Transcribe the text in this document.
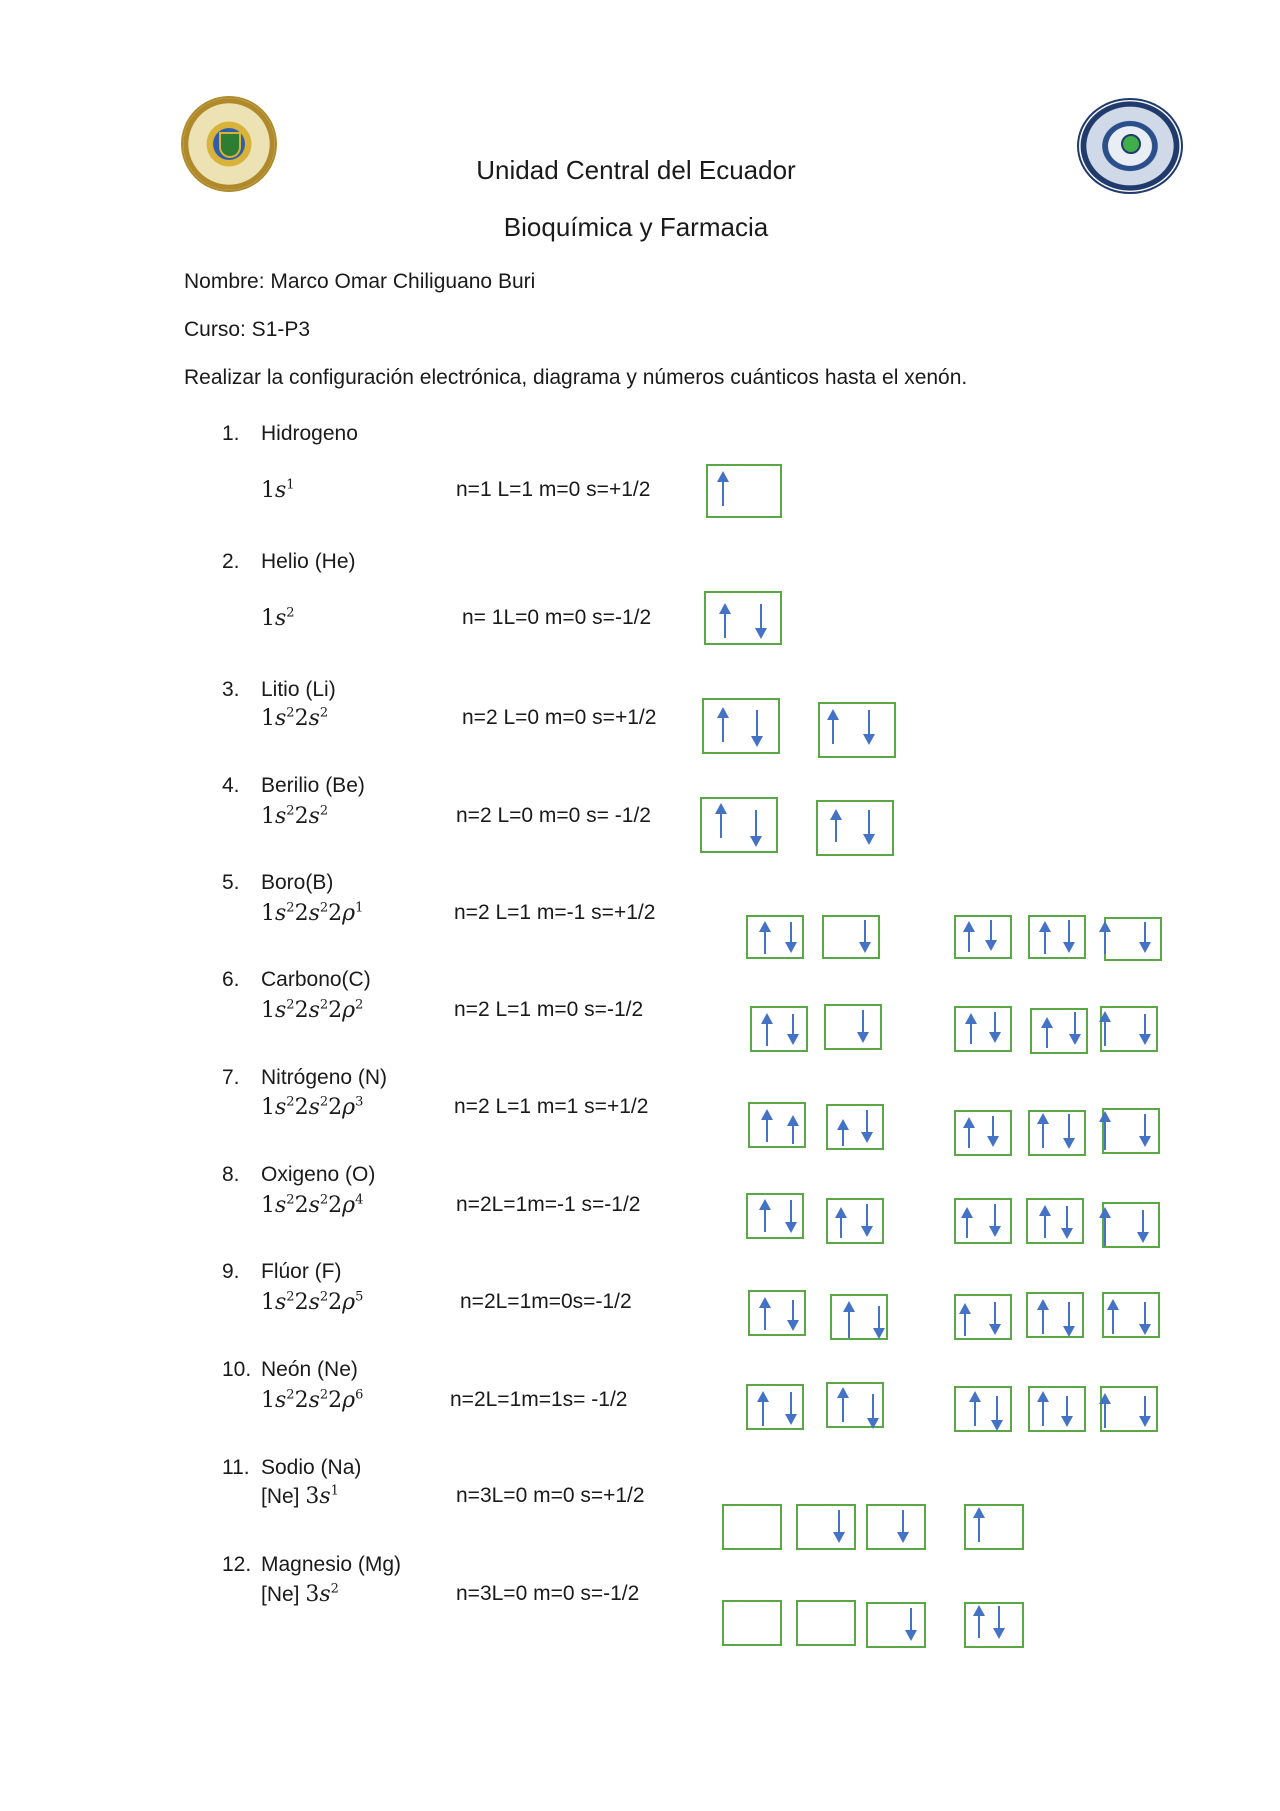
Unidad Central del Ecuador
Bioquímica y Farmacia
Nombre: Marco Omar Chiliguano Buri
Curso: S1-P3
Realizar la configuración electrónica, diagrama y números cuánticos hasta el xenón.
1.	Hidrogeno
$1s^1$	n=1 L=1 m=0 s=+1/2
2.	Helio (He)
$1s^2$	n= 1L=0 m=0 s=-1/2
3.	Litio (Li)
$1s^22s^2$	n=2 L=0 m=0 s=+1/2
4.	Berilio (Be)
$1s^22s^2$	n=2 L=0 m=0 s= -1/2
5.	Boro(B)
$1s^22s^22\rho^1$	n=2 L=1 m=-1 s=+1/2
6.	Carbono(C)
$1s^22s^22\rho^2$	n=2 L=1 m=0 s=-1/2
7.	Nitrógeno (N)
$1s^22s^22\rho^3$	n=2 L=1 m=1 s=+1/2
8.	Oxigeno (O)
$1s^22s^22\rho^4$	n=2L=1m=-1 s=-1/2
9.	Flúor (F)
$1s^22s^22\rho^5$	n=2L=1m=0s=-1/2
10. Neón (Ne)
$1s^22s^22\rho^6$	n=2L=1m=1s= -1/2
11. Sodio (Na)
[Ne] $3s^1$	n=3L=0 m=0 s=+1/2
12. Magnesio (Mg)
[Ne] $3s^2$	n=3L=0 m=0 s=-1/2
